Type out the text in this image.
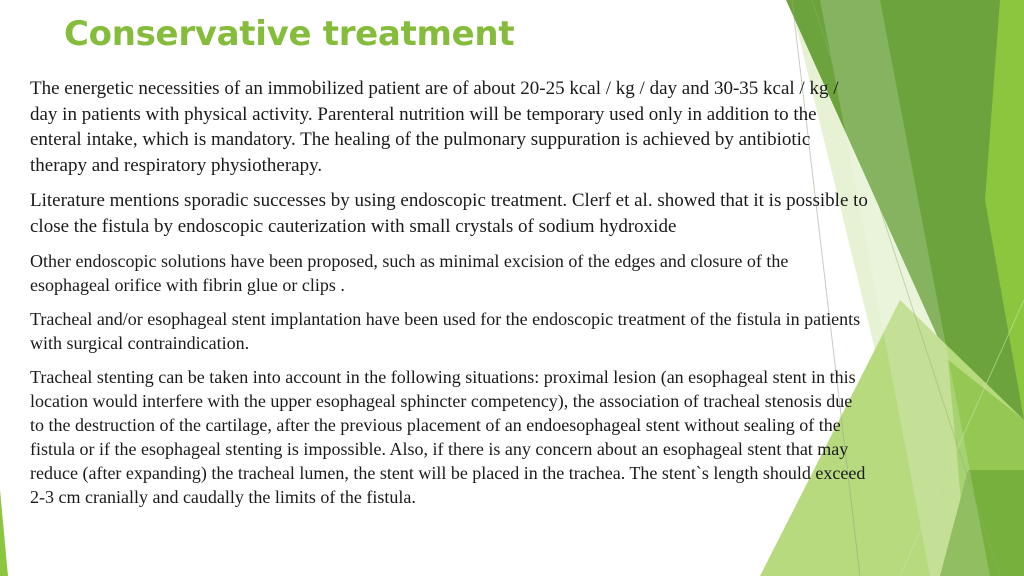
Conservative treatment

The energetic necessities of an immobilized patient are of about 20-25 kcal / kg / day and 30-35 kcal / kg / day in patients with physical activity. Parenteral nutrition will be temporary used only in addition to the enteral intake, which is mandatory. The healing of the pulmonary suppuration is achieved by antibiotic therapy and respiratory physiotherapy.

Literature mentions sporadic successes by using endoscopic treatment. Clerf et al. showed that it is possible to close the fistula by endoscopic cauterization with small crystals of sodium hydroxide

Other endoscopic solutions have been proposed, such as minimal excision of the edges and closure of the esophageal orifice with fibrin glue or clips .

Tracheal and/or esophageal stent implantation have been used for the endoscopic treatment of the fistula in patients with surgical contraindication.

Tracheal stenting can be taken into account in the following situations: proximal lesion (an esophageal stent in this location would interfere with the upper esophageal sphincter competency), the association of tracheal stenosis due to the destruction of the cartilage, after the previous placement of an endoesophageal stent without sealing of the fistula or if the esophageal stenting is impossible. Also, if there is any concern about an esophageal stent that may reduce (after expanding) the tracheal lumen, the stent will be placed in the trachea. The stent`s length should exceed 2-3 cm cranially and caudally the limits of the fistula.
